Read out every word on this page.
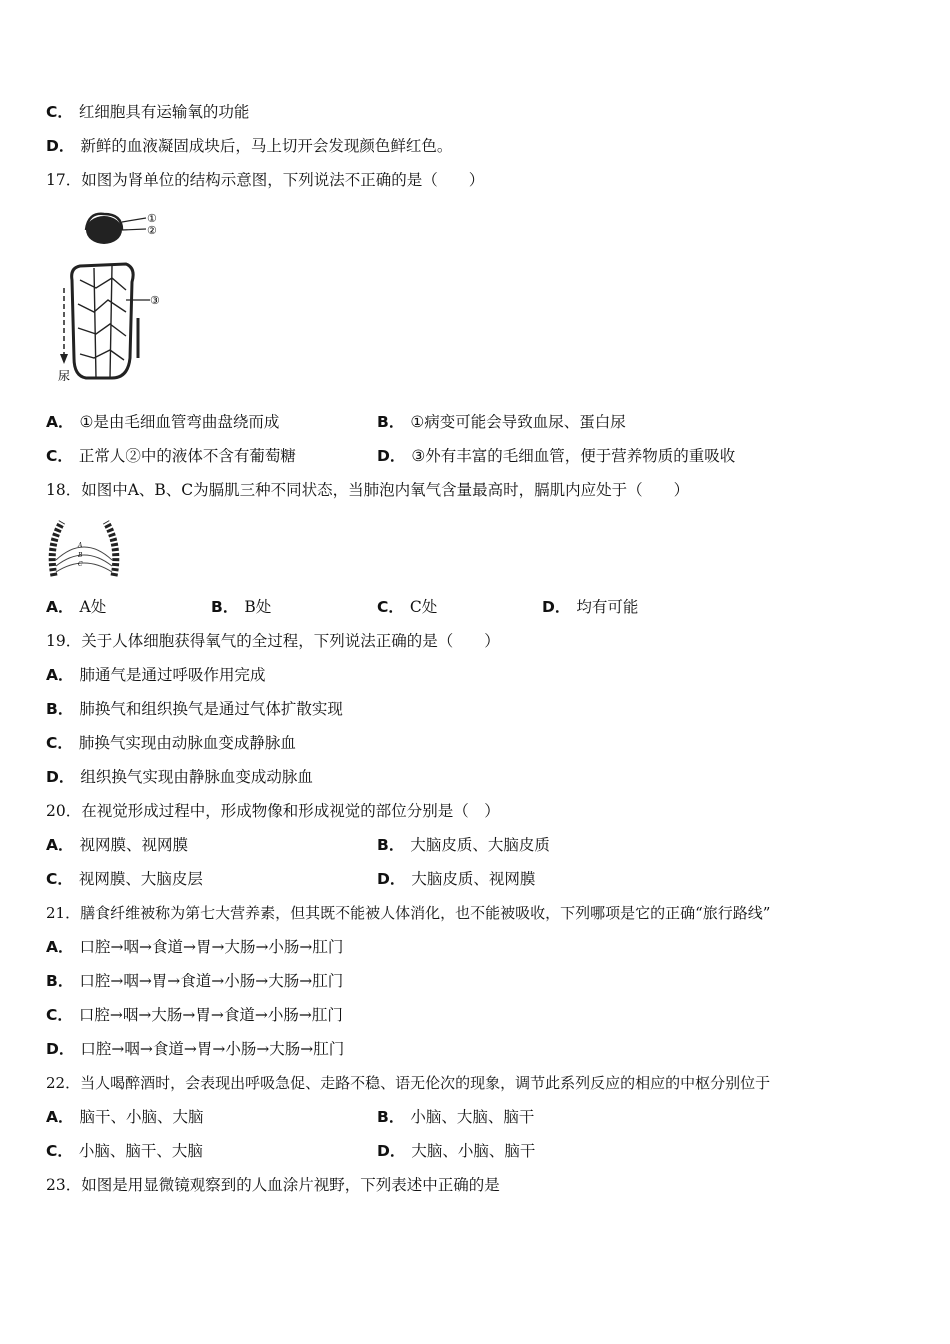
C． 红细胞具有运输氧的功能
D． 新鲜的血液凝固成块后，马上切开会发现颜色鲜红色。
17．如图为肾单位的结构示意图，下列说法不正确的是（　　）
①
②
③
尿
A． ①是由毛细血管弯曲盘绕而成	B． ①病变可能会导致血尿、蛋白尿
C． 正常人②中的液体不含有葡萄糖	D． ③外有丰富的毛细血管，便于营养物质的重吸收
18．如图中A、B、C为膈肌三种不同状态，当肺泡内氧气含量最高时，膈肌内应处于（　　）
A
B
C
A． A处	B． B处	C． C处	D． 均有可能
19．关于人体细胞获得氧气的全过程，下列说法正确的是（　　）
A． 肺通气是通过呼吸作用完成
B． 肺换气和组织换气是通过气体扩散实现
C． 肺换气实现由动脉血变成静脉血
D． 组织换气实现由静脉血变成动脉血
20．在视觉形成过程中，形成物像和形成视觉的部位分别是（　）
A． 视网膜、视网膜	B． 大脑皮质、大脑皮质
C． 视网膜、大脑皮层	D． 大脑皮质、视网膜
21．膳食纤维被称为第七大营养素，但其既不能被人体消化，也不能被吸收，下列哪项是它的正确“旅行路线”
A． 口腔→咽→食道→胃→大肠→小肠→肛门
B． 口腔→咽→胃→食道→小肠→大肠→肛门
C． 口腔→咽→大肠→胃→食道→小肠→肛门
D． 口腔→咽→食道→胃→小肠→大肠→肛门
22．当人喝醉酒时，会表现出呼吸急促、走路不稳、语无伦次的现象，调节此系列反应的相应的中枢分别位于
A． 脑干、小脑、大脑	B． 小脑、大脑、脑干
C． 小脑、脑干、大脑	D． 大脑、小脑、脑干
23．如图是用显微镜观察到的人血涂片视野，下列表述中正确的是
